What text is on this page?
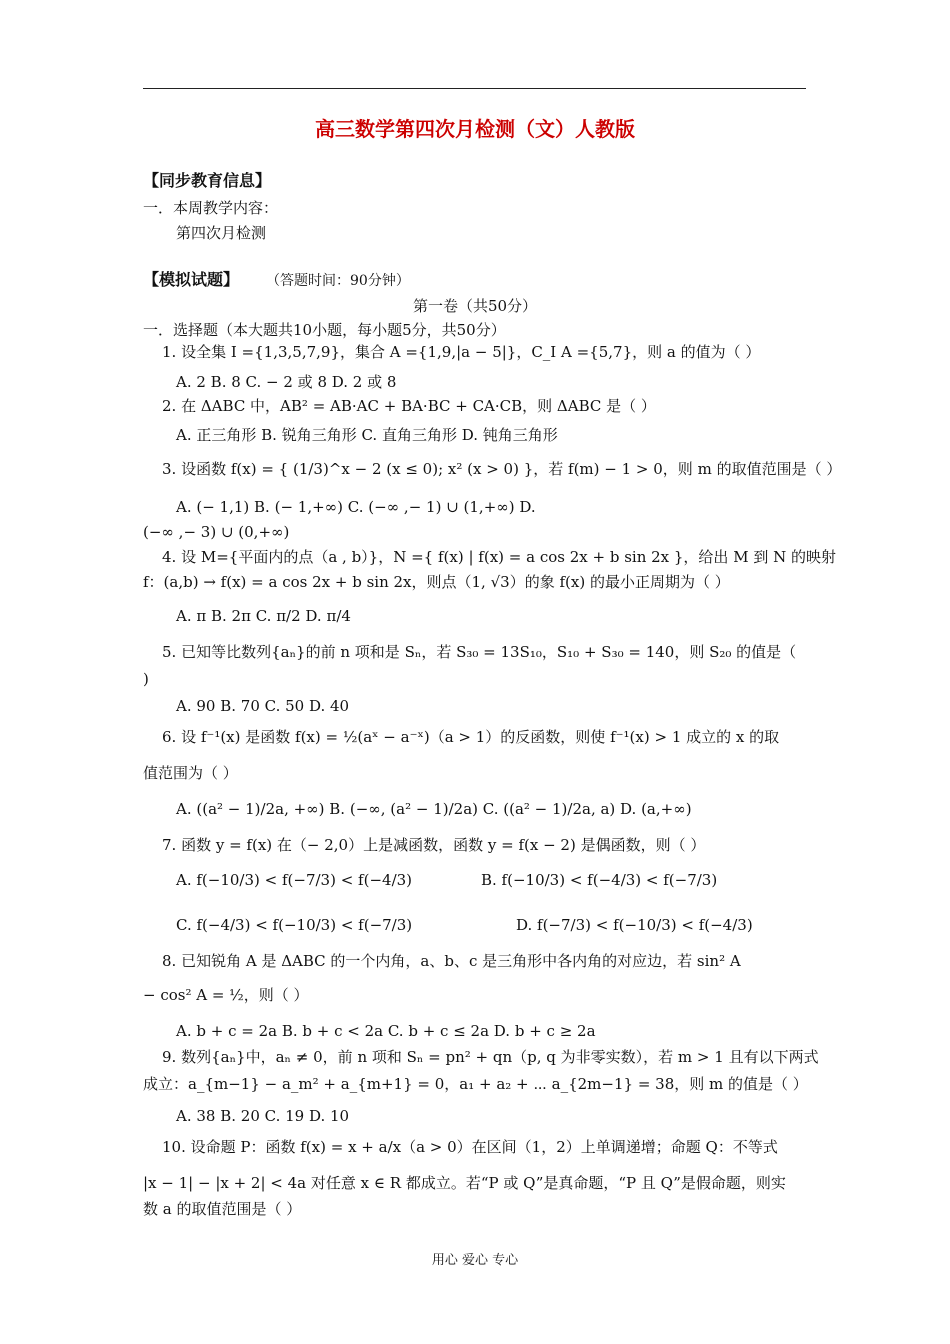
高三数学第四次月检测（文）人教版
【同步教育信息】
一．本周教学内容：
第四次月检测
【模拟试题】 （答题时间：90分钟）
第一卷（共50分）
一．选择题（本大题共10小题，每小题5分，共50分）
1. 设全集 I ={1,3,5,7,9}，集合 A ={1,9,|a − 5|}，C_I A ={5,7}，则 a 的值为（ ）
A. 2 B. 8 C. − 2 或 8 D. 2 或 8
2. 在 ΔABC 中，AB² = AB·AC + BA·BC + CA·CB，则 ΔABC 是（ ）
A. 正三角形 B. 锐角三角形 C. 直角三角形 D. 钝角三角形
3. 设函数 f(x) = { (1/3)^x − 2 (x ≤ 0); x² (x > 0) }，若 f(m) − 1 > 0，则 m 的取值范围是（ ）
A. (− 1,1) B. (− 1,+∞) C. (−∞ ,− 1) ∪ (1,+∞) D.
(−∞ ,− 3) ∪ (0,+∞)
4. 设 M={平面内的点（a , b）}，N ={ f(x) | f(x) = a cos 2x + b sin 2x }，给出 M 到 N 的映射
f：(a,b) → f(x) = a cos 2x + b sin 2x，则点（1, √3）的象 f(x) 的最小正周期为（ ）
A. π B. 2π C. π/2 D. π/4
5. 已知等比数列{aₙ}的前 n 项和是 Sₙ，若 S₃₀ = 13S₁₀，S₁₀ + S₃₀ = 140，则 S₂₀ 的值是（
)
A. 90 B. 70 C. 50 D. 40
6. 设 f⁻¹(x) 是函数 f(x) = ½(aˣ − a⁻ˣ)（a > 1）的反函数，则使 f⁻¹(x) > 1 成立的 x 的取
值范围为（ ）
A. ((a² − 1)/2a, +∞) B. (−∞, (a² − 1)/2a) C. ((a² − 1)/2a, a) D. (a,+∞)
7. 函数 y = f(x) 在（− 2,0）上是减函数，函数 y = f(x − 2) 是偶函数，则（ ）
A. f(−10/3) < f(−7/3) < f(−4/3)	B. f(−10/3) < f(−4/3) < f(−7/3)
C. f(−4/3) < f(−10/3) < f(−7/3)	D. f(−7/3) < f(−10/3) < f(−4/3)
8. 已知锐角 A 是 ΔABC 的一个内角，a、b、c 是三角形中各内角的对应边，若 sin² A
− cos² A = ½，则（ ）
A. b + c = 2a B. b + c < 2a C. b + c ≤ 2a D. b + c ≥ 2a
9. 数列{aₙ}中，aₙ ≠ 0，前 n 项和 Sₙ = pn² + qn（p, q 为非零实数），若 m > 1 且有以下两式
成立：a_{m−1} − a_m² + a_{m+1} = 0，a₁ + a₂ + ⋯ a_{2m−1} = 38，则 m 的值是（ ）
A. 38 B. 20 C. 19 D. 10
10. 设命题 P：函数 f(x) = x + a/x（a > 0）在区间（1，2）上单调递增；命题 Q：不等式
|x − 1| − |x + 2| < 4a 对任意 x ∈ R 都成立。若“P 或 Q”是真命题，“P 且 Q”是假命题，则实
数 a 的取值范围是（ ）
用心 爱心 专心
